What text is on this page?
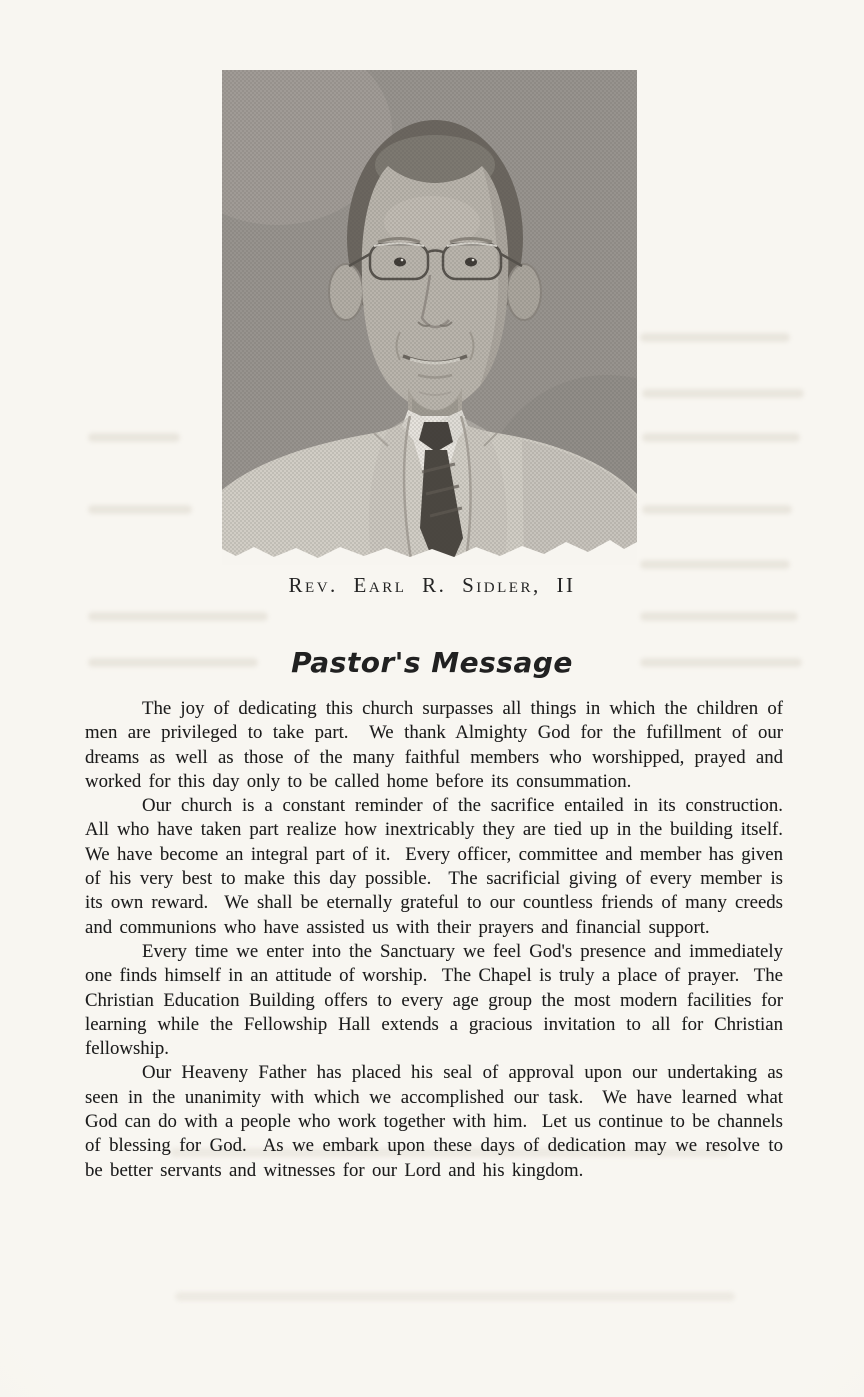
Rev. Earl R. Sidler, II
Pastor's Message

The joy of dedicating this church surpasses all things in which the children of men are privileged to take part.  We thank Almighty God for the fufillment of our dreams as well as those of the many faithful members who worshipped, prayed and worked for this day only to be called home before its consummation.

Our church is a constant reminder of the sacrifice entailed in its construction.  All who have taken part realize how inextricably they are tied up in the building itself.  We have become an integral part of it.  Every officer, committee and member has given of his very best to make this day possible.  The sacrificial giving of every member is its own reward.  We shall be eternally grateful to our countless friends of many creeds and communions who have assisted us with their prayers and financial support.

Every time we enter into the Sanctuary we feel God's presence and immediately one finds himself in an attitude of worship.  The Chapel is truly a place of prayer.  The Christian Education Building offers to every age group the most modern facilities for learning while the Fellowship Hall extends a gracious invitation to all for Christian fellowship.

Our Heaveny Father has placed his seal of approval upon our undertaking as seen in the unanimity with which we accomplished our task.  We have learned what God can do with a people who work together with him.  Let us continue to be channels of blessing for God.  As we embark upon these days of dedication may we resolve to be better servants and witnesses for our Lord and his kingdom.
